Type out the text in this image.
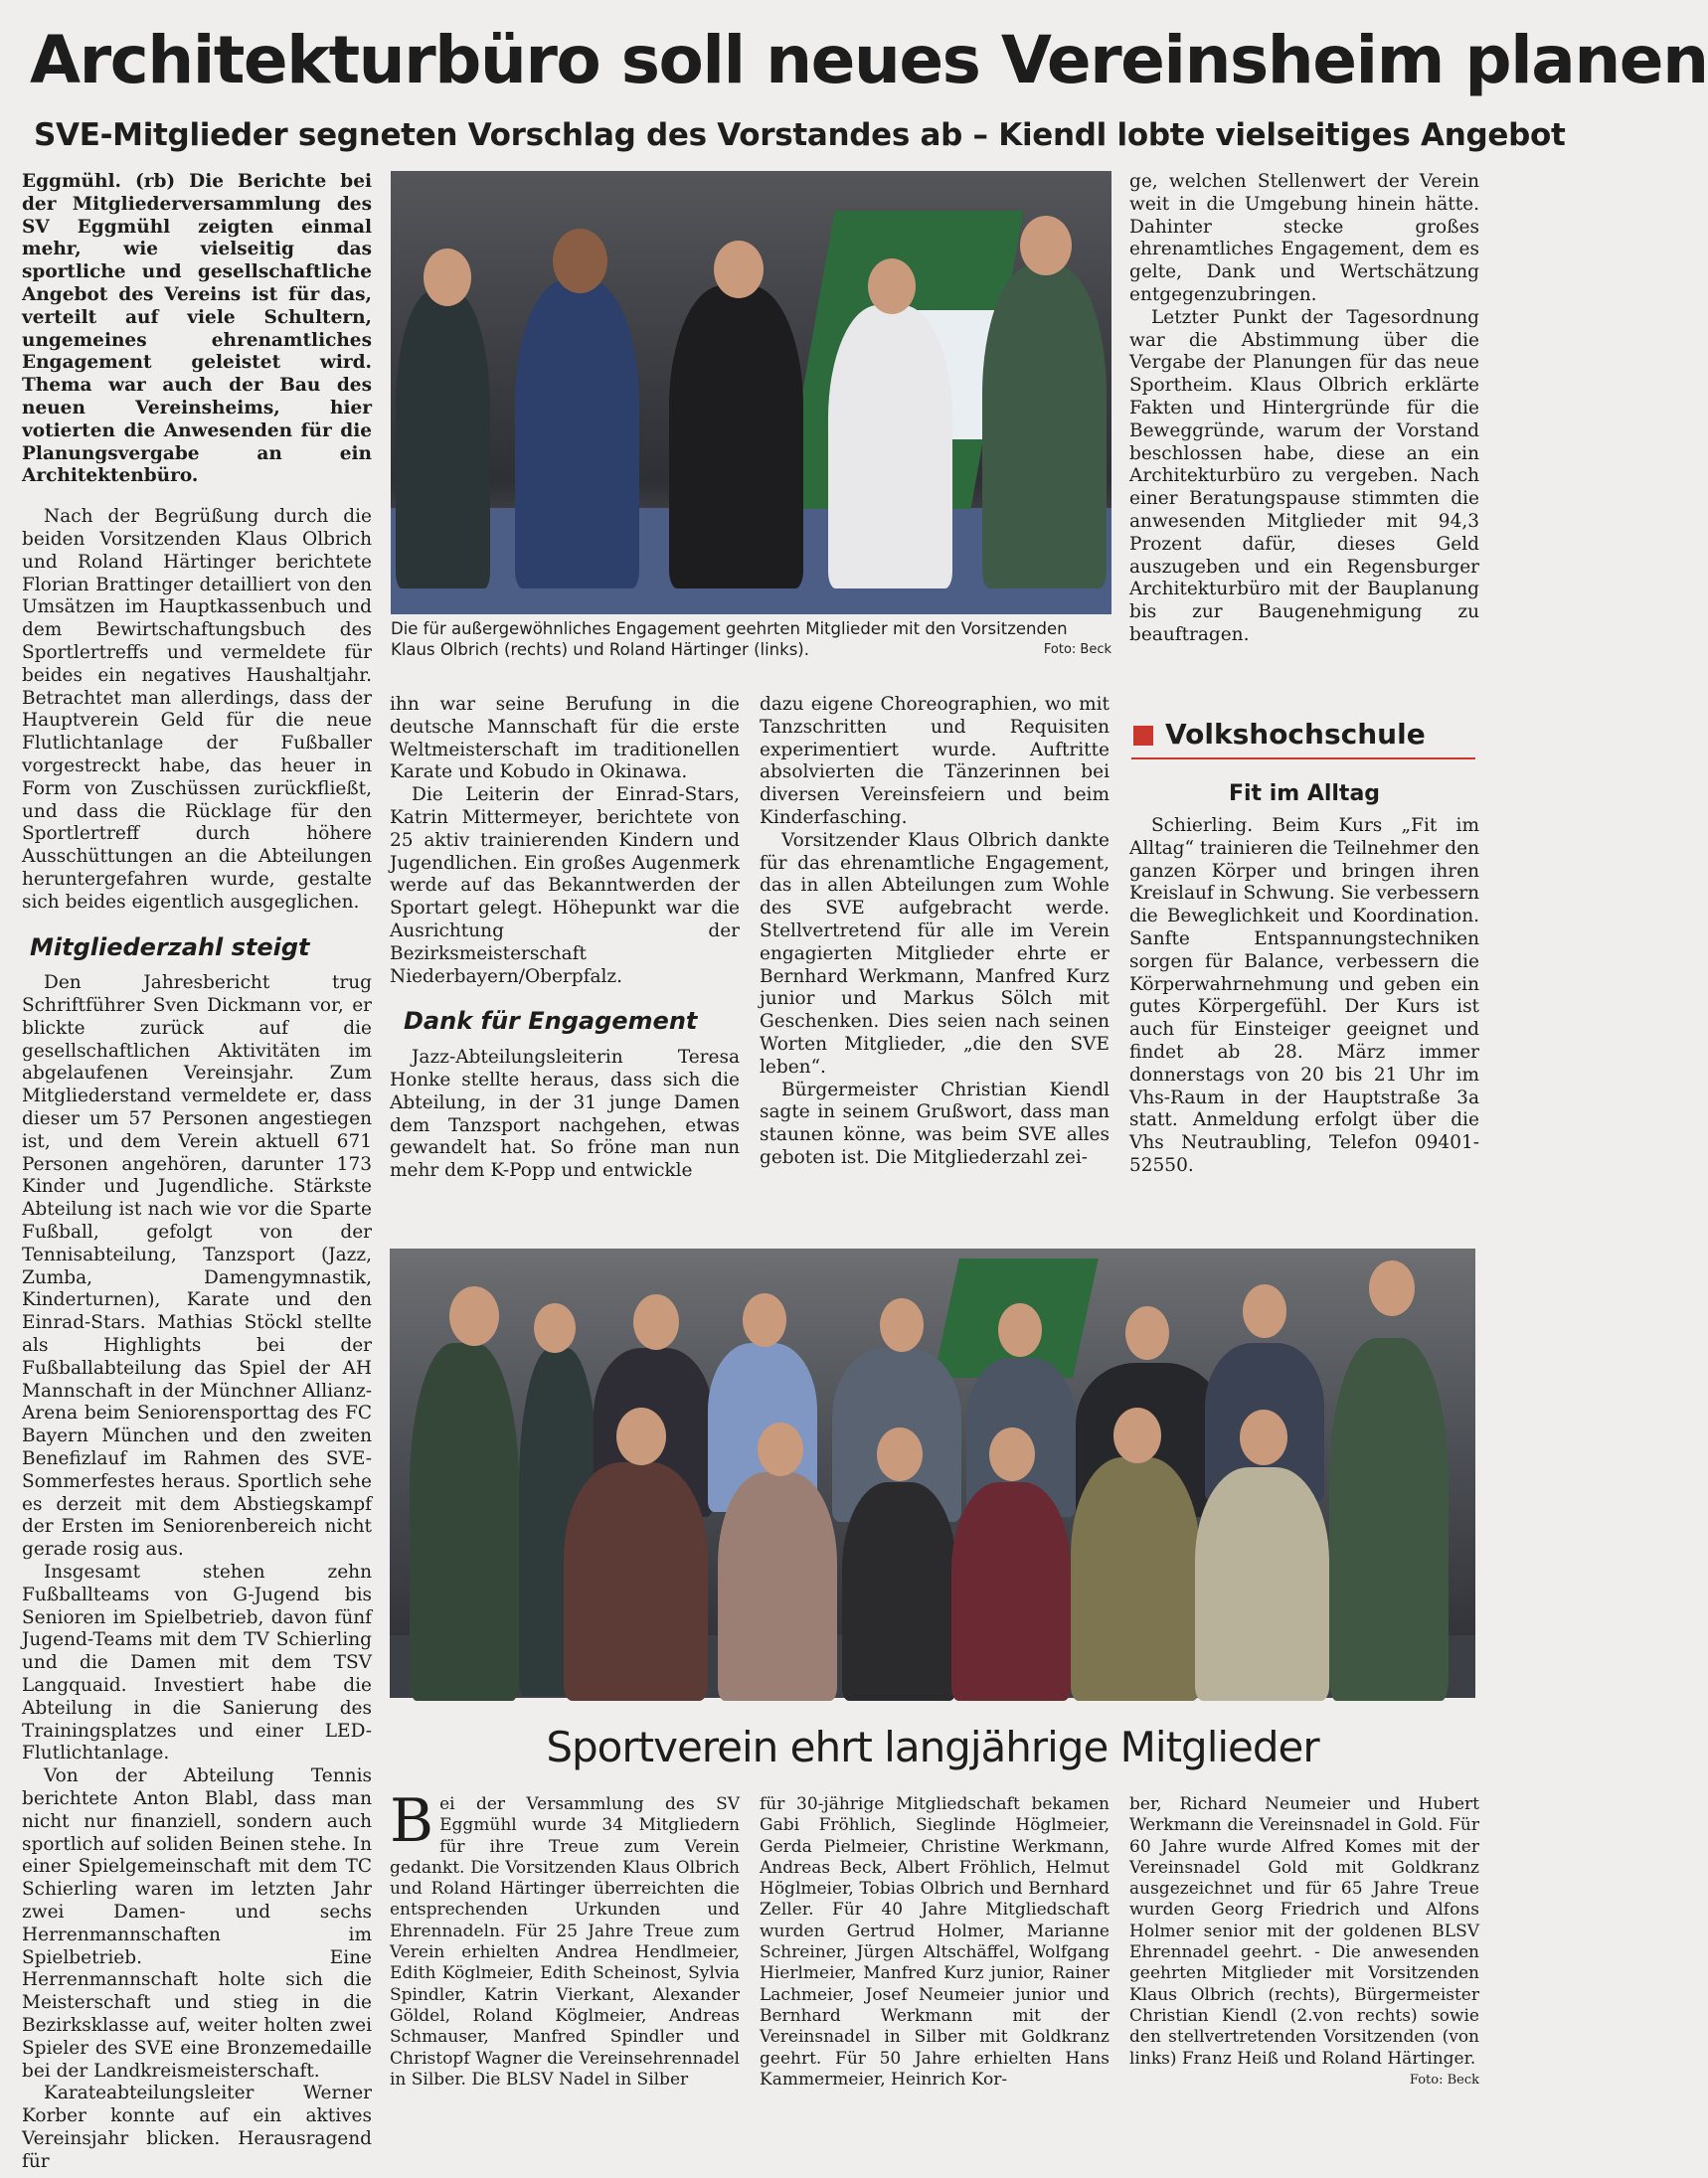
Architekturbüro soll neues Vereinsheim planen
SVE-Mitglieder segneten Vorschlag des Vorstandes ab – Kiendl lobte vielseitiges Angebot

Eggmühl. (rb) Die Berichte bei der Mitgliederversammlung des SV Eggmühl zeigten einmal mehr, wie vielseitig das sportliche und gesellschaftliche Angebot des Vereins ist für das, verteilt auf viele Schultern, ungemeines ehrenamtliches Engagement geleistet wird. Thema war auch der Bau des neuen Vereinsheims, hier votierten die Anwesenden für die Planungsvergabe an ein Architektenbüro.

Nach der Begrüßung durch die beiden Vorsitzenden Klaus Olbrich und Roland Härtinger berichtete Florian Brattinger detailliert von den Umsätzen im Hauptkassenbuch und dem Bewirtschaftungsbuch des Sportlertreffs und vermeldete für beides ein negatives Haushaltjahr. Betrachtet man allerdings, dass der Hauptverein Geld für die neue Flutlichtanlage der Fußballer vorgestreckt habe, das heuer in Form von Zuschüssen zurückfließt, und dass die Rücklage für den Sportlertreff durch höhere Ausschüttungen an die Abteilungen heruntergefahren wurde, gestalte sich beides eigentlich ausgeglichen.

Mitgliederzahl steigt

Den Jahresbericht trug Schriftführer Sven Dickmann vor, er blickte zurück auf die gesellschaftlichen Aktivitäten im abgelaufenen Vereinsjahr. Zum Mitgliederstand vermeldete er, dass dieser um 57 Personen angestiegen ist, und dem Verein aktuell 671 Personen angehören, darunter 173 Kinder und Jugendliche. Stärkste Abteilung ist nach wie vor die Sparte Fußball, gefolgt von der Tennisabteilung, Tanzsport (Jazz, Zumba, Damengymnastik, Kinderturnen), Karate und den Einrad-Stars. Mathias Stöckl stellte als Highlights bei der Fußballabteilung das Spiel der AH Mannschaft in der Münchner Allianz-Arena beim Seniorensporttag des FC Bayern München und den zweiten Benefizlauf im Rahmen des SVE-Sommerfestes heraus. Sportlich sehe es derzeit mit dem Abstiegskampf der Ersten im Seniorenbereich nicht gerade rosig aus.

Insgesamt stehen zehn Fußballteams von G-Jugend bis Senioren im Spielbetrieb, davon fünf Jugend-Teams mit dem TV Schierling und die Damen mit dem TSV Langquaid. Investiert habe die Abteilung in die Sanierung des Trainingsplatzes und einer LED-Flutlichtanlage.

Von der Abteilung Tennis berichtete Anton Blabl, dass man nicht nur finanziell, sondern auch sportlich auf soliden Beinen stehe. In einer Spielgemeinschaft mit dem TC Schierling waren im letzten Jahr zwei Damen- und sechs Herrenmannschaften im Spielbetrieb. Eine Herrenmannschaft holte sich die Meisterschaft und stieg in die Bezirksklasse auf, weiter holten zwei Spieler des SVE eine Bronzemedaille bei der Landkreismeisterschaft.

Karateabteilungsleiter Werner Korber konnte auf ein aktives Vereinsjahr blicken. Herausragend für

Die für außergewöhnliches Engagement geehrten Mitglieder mit den Vorsitzenden Klaus Olbrich (rechts) und Roland Härtinger (links).	Foto: Beck

ihn war seine Berufung in die deutsche Mannschaft für die erste Weltmeisterschaft im traditionellen Karate und Kobudo in Okinawa.

Die Leiterin der Einrad-Stars, Katrin Mittermeyer, berichtete von 25 aktiv trainierenden Kindern und Jugendlichen. Ein großes Augenmerk werde auf das Bekanntwerden der Sportart gelegt. Höhepunkt war die Ausrichtung der Bezirksmeisterschaft Niederbayern/Oberpfalz.

Dank für Engagement

Jazz-Abteilungsleiterin Teresa Honke stellte heraus, dass sich die Abteilung, in der 31 junge Damen dem Tanzsport nachgehen, etwas gewandelt hat. So fröne man nun mehr dem K-Popp und entwickle

dazu eigene Choreographien, wo mit Tanzschritten und Requisiten experimentiert wurde. Auftritte absolvierten die Tänzerinnen bei diversen Vereinsfeiern und beim Kinderfasching.

Vorsitzender Klaus Olbrich dankte für das ehrenamtliche Engagement, das in allen Abteilungen zum Wohle des SVE aufgebracht werde. Stellvertretend für alle im Verein engagierten Mitglieder ehrte er Bernhard Werkmann, Manfred Kurz junior und Markus Sölch mit Geschenken. Dies seien nach seinen Worten Mitglieder, „die den SVE leben“.

Bürgermeister Christian Kiendl sagte in seinem Grußwort, dass man staunen könne, was beim SVE alles geboten ist. Die Mitgliederzahl zei-

ge, welchen Stellenwert der Verein weit in die Umgebung hinein hätte. Dahinter stecke großes ehrenamtliches Engagement, dem es gelte, Dank und Wertschätzung entgegenzubringen.

Letzter Punkt der Tagesordnung war die Abstimmung über die Vergabe der Planungen für das neue Sportheim. Klaus Olbrich erklärte Fakten und Hintergründe für die Beweggründe, warum der Vorstand beschlossen habe, diese an ein Architekturbüro zu vergeben. Nach einer Beratungspause stimmten die anwesenden Mitglieder mit 94,3 Prozent dafür, dieses Geld auszugeben und ein Regensburger Architekturbüro mit der Bauplanung bis zur Baugenehmigung zu beauftragen.

Volkshochschule
Fit im Alltag

Schierling. Beim Kurs „Fit im Alltag“ trainieren die Teilnehmer den ganzen Körper und bringen ihren Kreislauf in Schwung. Sie verbessern die Beweglichkeit und Koordination. Sanfte Entspannungstechniken sorgen für Balance, verbessern die Körperwahrnehmung und geben ein gutes Körpergefühl. Der Kurs ist auch für Einsteiger geeignet und findet ab 28. März immer donnerstags von 20 bis 21 Uhr im Vhs-Raum in der Hauptstraße 3a statt. Anmeldung erfolgt über die Vhs Neutraubling, Telefon 09401-52550.

Sportverein ehrt langjährige Mitglieder
B ei der Versammlung des SV Eggmühl wurde 34 Mitgliedern für ihre Treue zum Verein gedankt. Die Vorsitzenden Klaus Olbrich und Roland Härtinger überreichten die entsprechenden Urkunden und Ehrennadeln. Für 25 Jahre Treue zum Verein erhielten Andrea Hendlmeier, Edith Köglmeier, Edith Scheinost, Sylvia Spindler, Katrin Vierkant, Alexander Göldel, Roland Köglmeier, Andreas Schmauser, Manfred Spindler und Christopf Wagner die Vereinsehrennadel in Silber. Die BLSV Nadel in Silber
für 30-jährige Mitgliedschaft bekamen Gabi Fröhlich, Sieglinde Höglmeier, Gerda Pielmeier, Christine Werkmann, Andreas Beck, Albert Fröhlich, Helmut Höglmeier, Tobias Olbrich und Bernhard Zeller. Für 40 Jahre Mitgliedschaft wurden Gertrud Holmer, Marianne Schreiner, Jürgen Altschäffel, Wolfgang Hierlmeier, Manfred Kurz junior, Rainer Lachmeier, Josef Neumeier junior und Bernhard Werkmann mit der Vereinsnadel in Silber mit Goldkranz geehrt. Für 50 Jahre erhielten Hans Kammermeier, Heinrich Kor-
ber, Richard Neumeier und Hubert Werkmann die Vereinsnadel in Gold. Für 60 Jahre wurde Alfred Komes mit der Vereinsnadel Gold mit Goldkranz ausgezeichnet und für 65 Jahre Treue wurden Georg Friedrich und Alfons Holmer senior mit der goldenen BLSV Ehrennadel geehrt. - Die anwesenden geehrten Mitglieder mit Vorsitzenden Klaus Olbrich (rechts), Bürgermeister Christian Kiendl (2.von rechts) sowie den stellvertretenden Vorsitzenden (von links) Franz Heiß und Roland Härtinger.
Foto: Beck
